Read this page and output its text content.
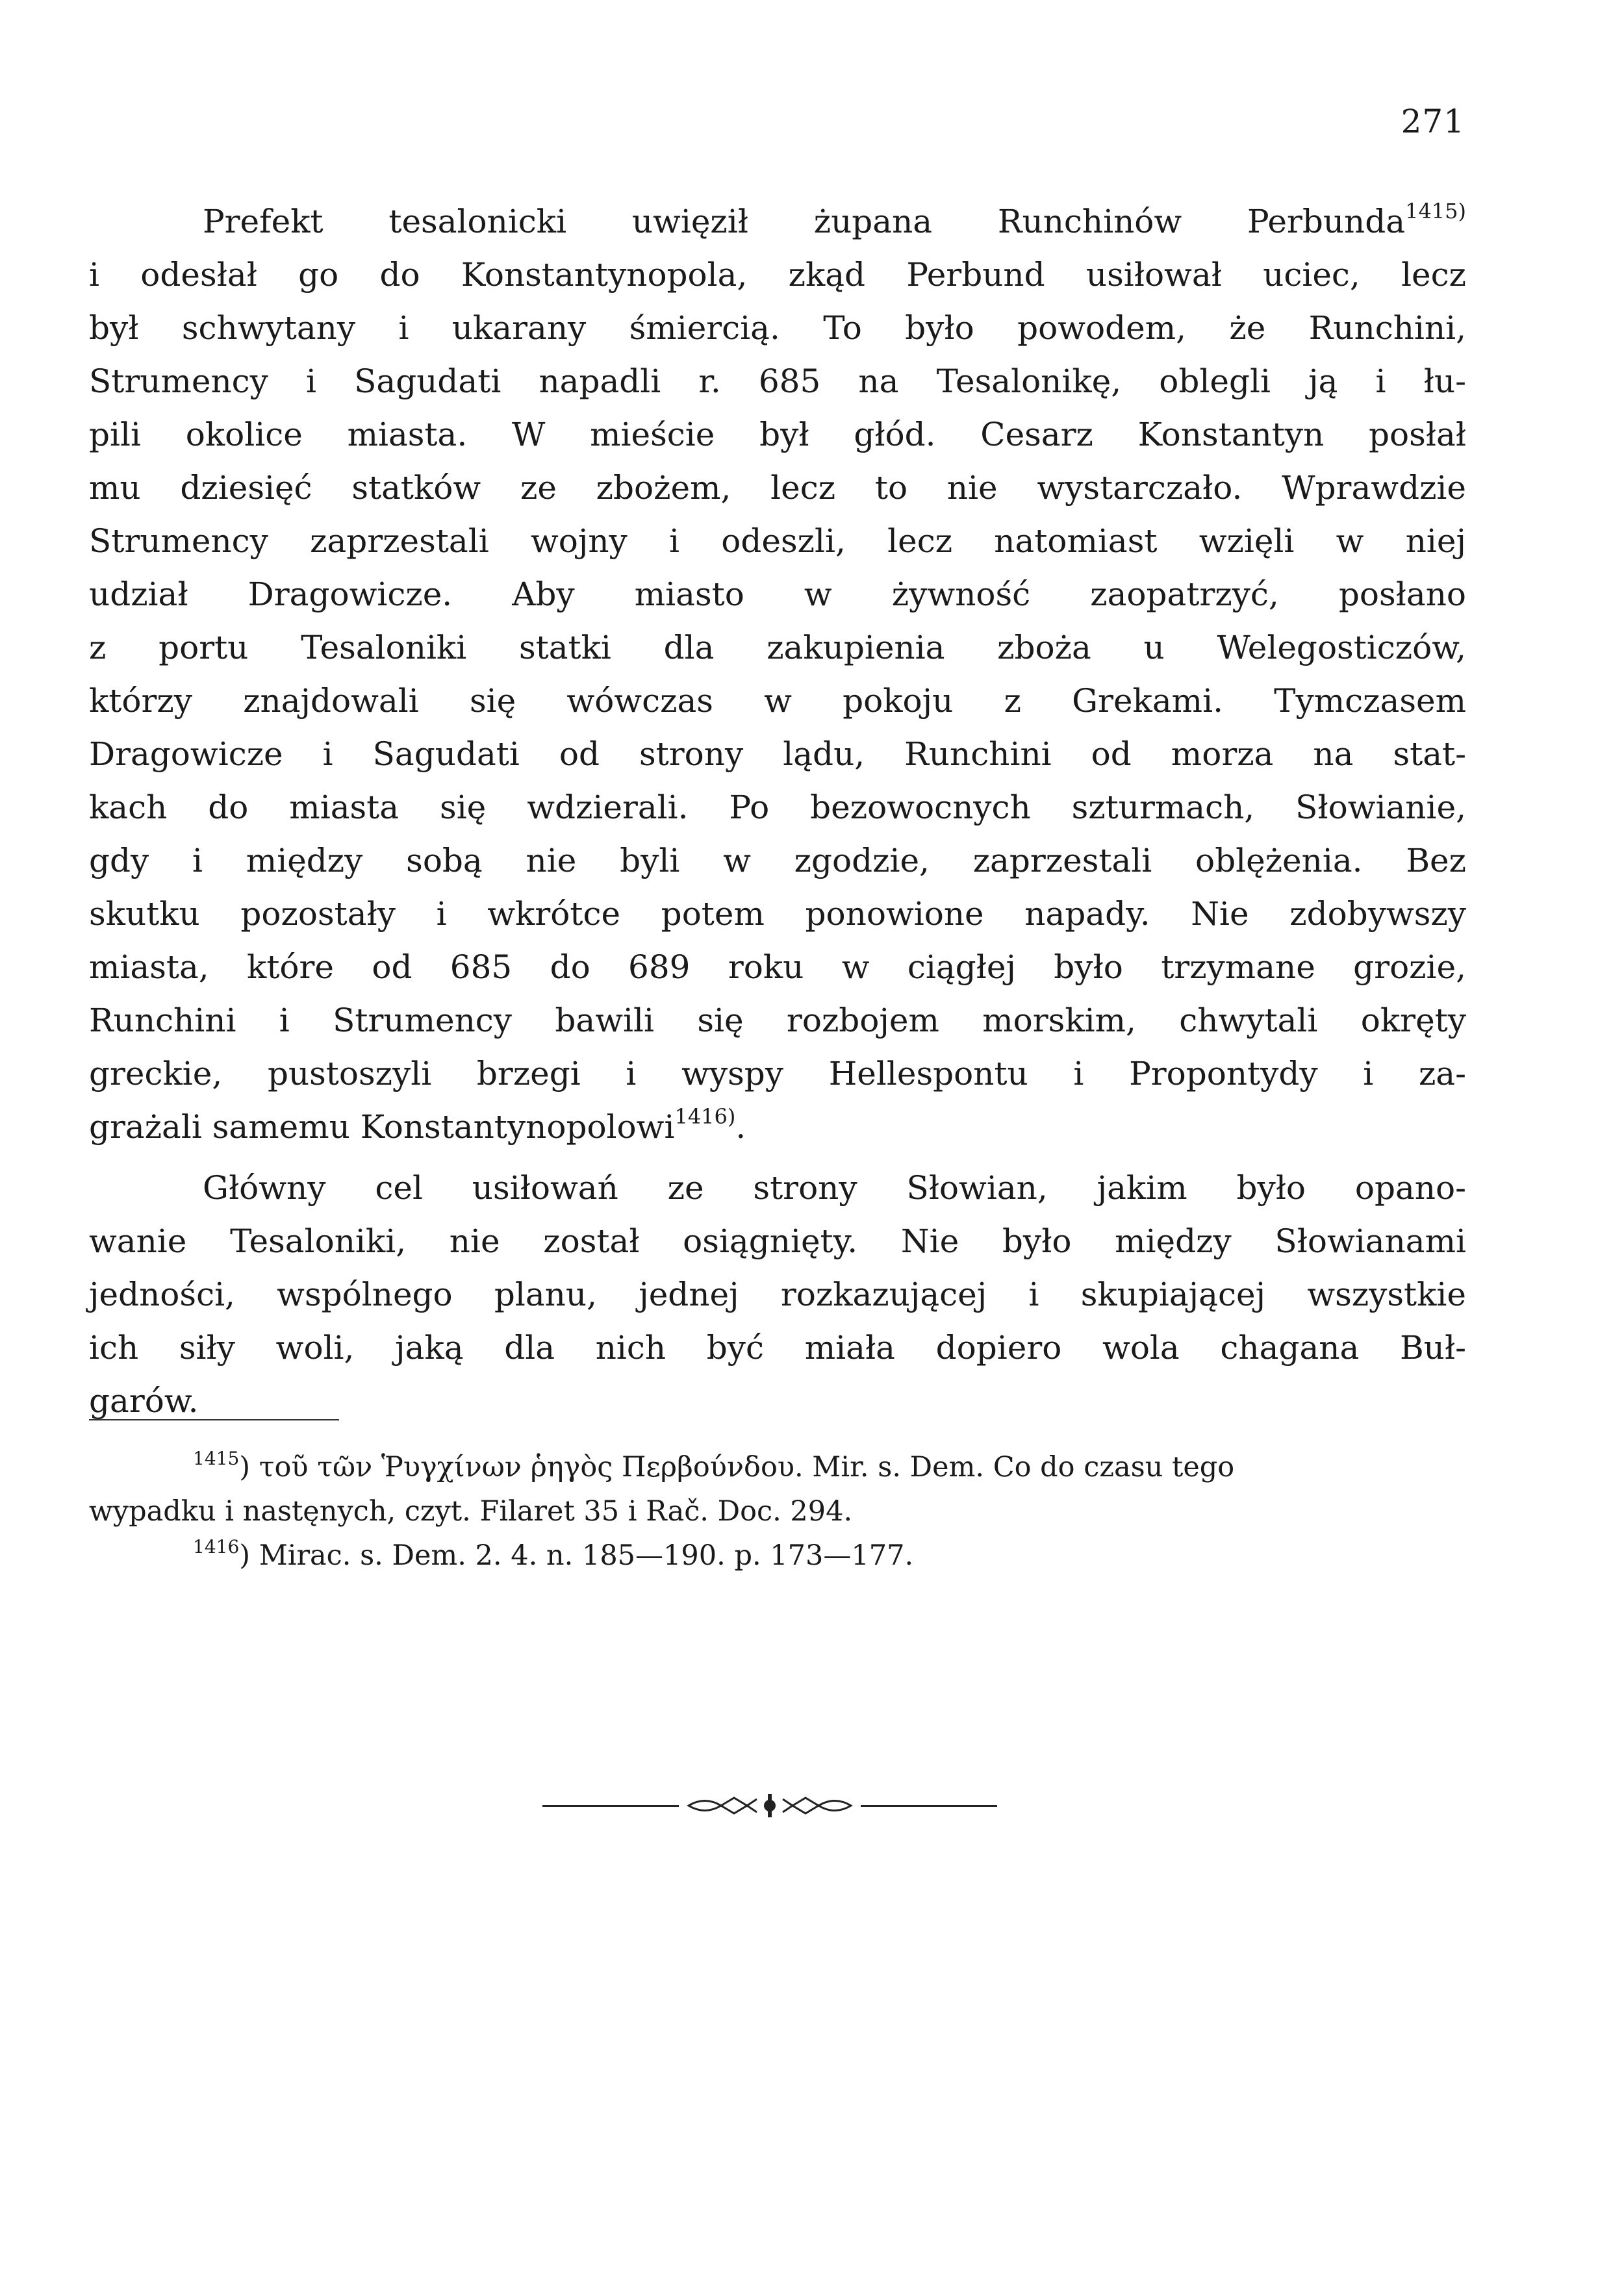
271

Prefekt tesalonicki uwięził żupana Runchinów Perbunda$^{1415)}$
i odesłał go do Konstantynopola, zkąd Perbund usiłował uciec, lecz
był schwytany i ukarany śmiercią. To było powodem, że Runchini,
Strumency i Sagudati napadli r. 685 na Tesalonikę, oblegli ją i łu-
pili okolice miasta. W mieście był głód. Cesarz Konstantyn posłał
mu dziesięć statków ze zbożem, lecz to nie wystarczało. Wprawdzie
Strumency zaprzestali wojny i odeszli, lecz natomiast wzięli w niej
udział Dragowicze. Aby miasto w żywność zaopatrzyć, posłano
z portu Tesaloniki statki dla zakupienia zboża u Welegosticzów,
którzy znajdowali się wówczas w pokoju z Grekami. Tymczasem
Dragowicze i Sagudati od strony lądu, Runchini od morza na stat-
kach do miasta się wdzierali. Po bezowocnych szturmach, Słowianie,
gdy i między sobą nie byli w zgodzie, zaprzestali oblężenia. Bez
skutku pozostały i wkrótce potem ponowione napady. Nie zdobywszy
miasta, które od 685 do 689 roku w ciągłej było trzymane grozie,
Runchini i Strumency bawili się rozbojem morskim, chwytali okręty
greckie, pustoszyli brzegi i wyspy Hellespontu i Propontydy i za-
grażali samemu Konstantynopolowi$^{1416)}$.

Główny cel usiłowań ze strony Słowian, jakim było opano-
wanie Tesaloniki, nie został osiągnięty. Nie było między Słowianami
jedności, wspólnego planu, jednej rozkazującej i skupiającej wszystkie
ich siły woli, jaką dla nich być miała dopiero wola chagana Buł-
garów.

$^{1415}$) τοῦ τῶν Ῥυγχίνων ῥηγὸς Περβούνδου. Mir. s. Dem. Co do czasu tego
wypadku i nastęnych, czyt. Filaret 35 i Rač. Doc. 294.
$^{1416}$) Mirac. s. Dem. 2. 4. n. 185—190. p. 173—177.
